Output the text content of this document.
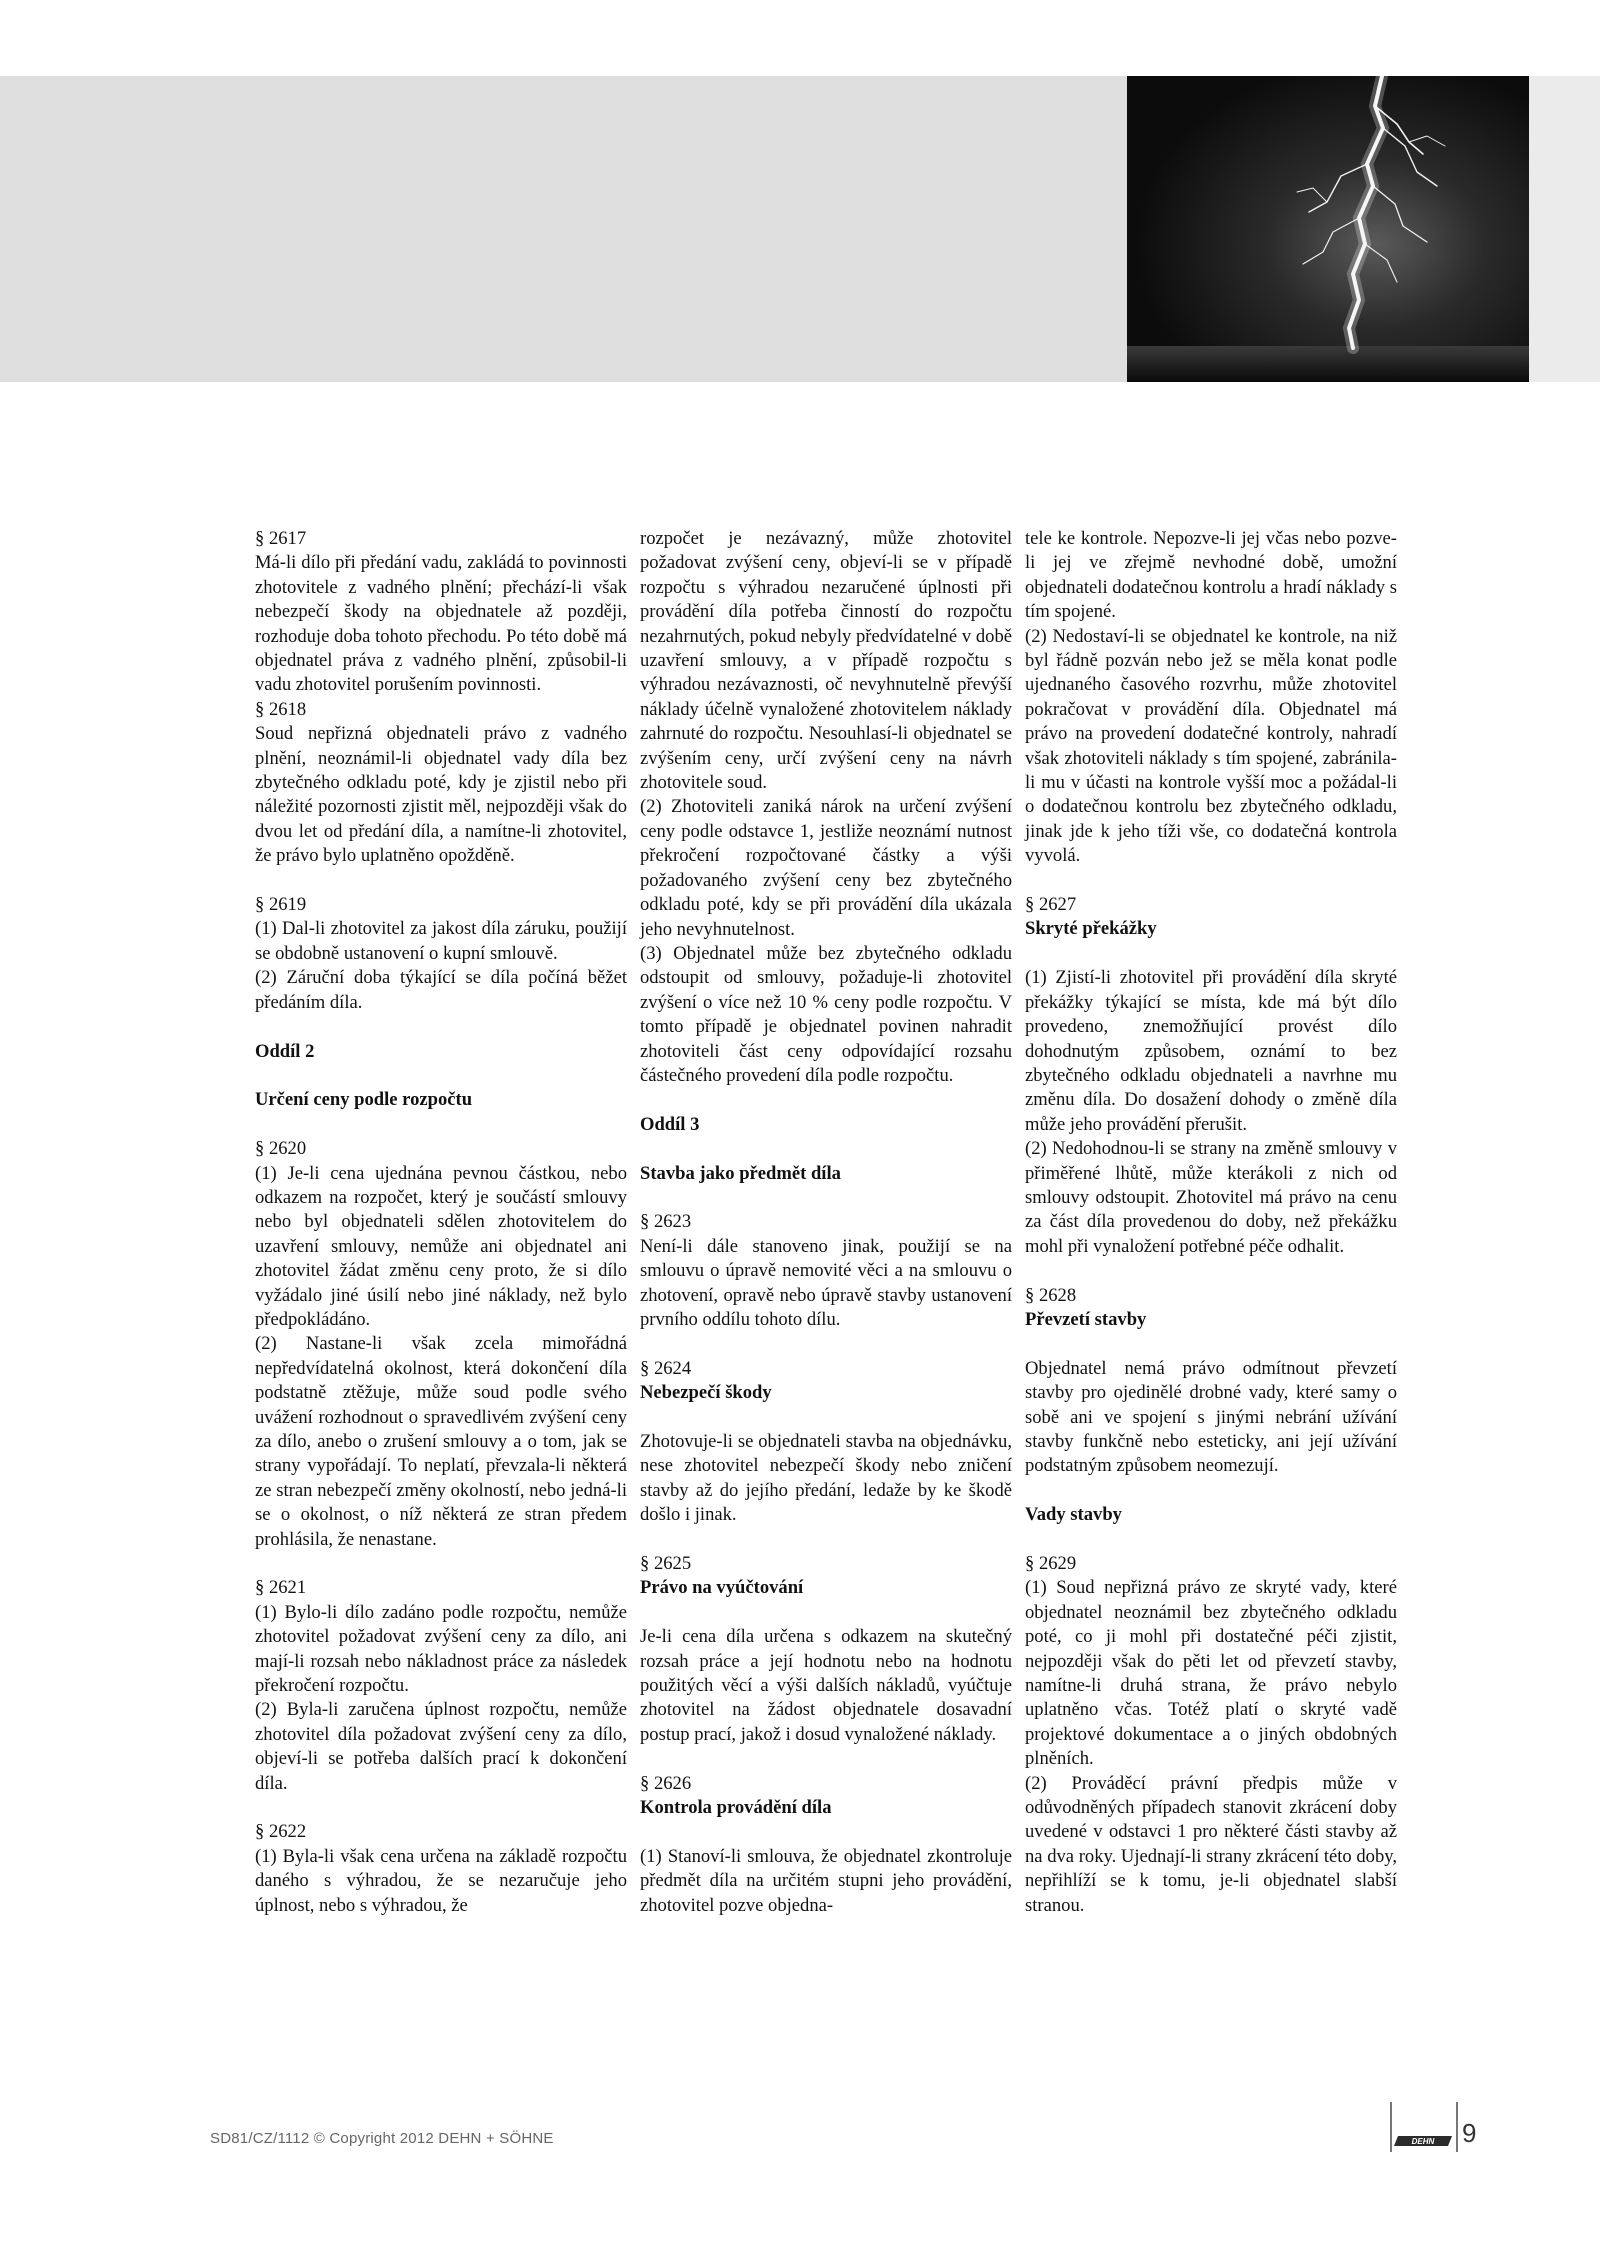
§ 2617

Má-li dílo při předání vadu, zakládá to povinnosti zhotovitele z vadného plnění; přechází-li však nebezpečí škody na objednatele až později, rozhoduje doba tohoto přechodu. Po této době má objednatel práva z vadného plnění, způsobil-li vadu zhotovitel porušením povinnosti.

§ 2618

Soud nepřizná objednateli právo z vadného plnění, neoznámil-li objednatel vady díla bez zbytečného odkladu poté, kdy je zjistil nebo při náležité pozornosti zjistit měl, nejpozději však do dvou let od předání díla, a namítne-li zhotovitel, že právo bylo uplatněno opožděně.

§ 2619

(1) Dal-li zhotovitel za jakost díla záruku, použijí se obdobně ustanovení o kupní smlouvě.

(2) Záruční doba týkající se díla počíná běžet předáním díla.

Oddíl 2

Určení ceny podle rozpočtu

§ 2620

(1) Je-li cena ujednána pevnou částkou, nebo odkazem na rozpočet, který je součástí smlouvy nebo byl objednateli sdělen zhotovitelem do uzavření smlouvy, nemůže ani objednatel ani zhotovitel žádat změnu ceny proto, že si dílo vyžádalo jiné úsilí nebo jiné náklady, než bylo předpokládáno.

(2) Nastane-li však zcela mimořádná nepředvídatelná okolnost, která dokončení díla podstatně ztěžuje, může soud podle svého uvážení rozhodnout o spravedlivém zvýšení ceny za dílo, anebo o zrušení smlouvy a o tom, jak se strany vypořádají. To neplatí, převzala-li některá ze stran nebezpečí změny okolností, nebo jedná-li se o okolnost, o níž některá ze stran předem prohlásila, že nenastane.

§ 2621

(1) Bylo-li dílo zadáno podle rozpočtu, nemůže zhotovitel požadovat zvýšení ceny za dílo, ani mají-li rozsah nebo nákladnost práce za následek překročení rozpočtu.

(2) Byla-li zaručena úplnost rozpočtu, nemůže zhotovitel díla požadovat zvýšení ceny za dílo, objeví-li se potřeba dalších prací k dokončení díla.

§ 2622

(1) Byla-li však cena určena na základě rozpočtu daného s výhradou, že se nezaručuje jeho úplnost, nebo s výhradou, že

rozpočet je nezávazný, může zhotovitel požadovat zvýšení ceny, objeví-li se v případě rozpočtu s výhradou nezaručené úplnosti při provádění díla potřeba činností do rozpočtu nezahrnutých, pokud nebyly předvídatelné v době uzavření smlouvy, a v případě rozpočtu s výhradou nezávaznosti, oč nevyhnutelně převýší náklady účelně vynaložené zhotovitelem náklady zahrnuté do rozpočtu. Nesouhlasí-li objednatel se zvýšením ceny, určí zvýšení ceny na návrh zhotovitele soud.

(2) Zhotoviteli zaniká nárok na určení zvýšení ceny podle odstavce 1, jestliže neoznámí nutnost překročení rozpočtované částky a výši požadovaného zvýšení ceny bez zbytečného odkladu poté, kdy se při provádění díla ukázala jeho nevyhnutelnost.

(3) Objednatel může bez zbytečného odkladu odstoupit od smlouvy, požaduje-li zhotovitel zvýšení o více než 10 % ceny podle rozpočtu. V tomto případě je objednatel povinen nahradit zhotoviteli část ceny odpovídající rozsahu částečného provedení díla podle rozpočtu.

Oddíl 3

Stavba jako předmět díla

§ 2623

Není-li dále stanoveno jinak, použijí se na smlouvu o úpravě nemovité věci a na smlouvu o zhotovení, opravě nebo úpravě stavby ustanovení prvního oddílu tohoto dílu.

§ 2624

Nebezpečí škody

Zhotovuje-li se objednateli stavba na objednávku, nese zhotovitel nebezpečí škody nebo zničení stavby až do jejího předání, ledaže by ke škodě došlo i jinak.

§ 2625

Právo na vyúčtování

Je-li cena díla určena s odkazem na skutečný rozsah práce a její hodnotu nebo na hodnotu použitých věcí a výši dalších nákladů, vyúčtuje zhotovitel na žádost objednatele dosavadní postup prací, jakož i dosud vynaložené náklady.

§ 2626

Kontrola provádění díla

(1) Stanoví-li smlouva, že objednatel zkontroluje předmět díla na určitém stupni jeho provádění, zhotovitel pozve objedna-

tele ke kontrole. Nepozve-li jej včas nebo pozve-li jej ve zřejmě nevhodné době, umožní objednateli dodatečnou kontrolu a hradí náklady s tím spojené.

(2) Nedostaví-li se objednatel ke kontrole, na niž byl řádně pozván nebo jež se měla konat podle ujednaného časového rozvrhu, může zhotovitel pokračovat v provádění díla. Objednatel má právo na provedení dodatečné kontroly, nahradí však zhotoviteli náklady s tím spojené, zabránila-li mu v účasti na kontrole vyšší moc a požádal-li o dodatečnou kontrolu bez zbytečného odkladu, jinak jde k jeho tíži vše, co dodatečná kontrola vyvolá.

§ 2627

Skryté překážky

(1) Zjistí-li zhotovitel při provádění díla skryté překážky týkající se místa, kde má být dílo provedeno, znemožňující provést dílo dohodnutým způsobem, oznámí to bez zbytečného odkladu objednateli a navrhne mu změnu díla. Do dosažení dohody o změně díla může jeho provádění přerušit.

(2) Nedohodnou-li se strany na změně smlouvy v přiměřené lhůtě, může kterákoli z nich od smlouvy odstoupit. Zhotovitel má právo na cenu za část díla provedenou do doby, než překážku mohl při vynaložení potřebné péče odhalit.

§ 2628

Převzetí stavby

Objednatel nemá právo odmítnout převzetí stavby pro ojedinělé drobné vady, které samy o sobě ani ve spojení s jinými nebrání užívání stavby funkčně nebo esteticky, ani její užívání podstatným způsobem neomezují.

Vady stavby

§ 2629

(1) Soud nepřizná právo ze skryté vady, které objednatel neoznámil bez zbytečného odkladu poté, co ji mohl při dostatečné péči zjistit, nejpozději však do pěti let od převzetí stavby, namítne-li druhá strana, že právo nebylo uplatněno včas. Totéž platí o skryté vadě projektové dokumentace a o jiných obdobných plněních.

(2) Prováděcí právní předpis může v odůvodněných případech stanovit zkrácení doby uvedené v odstavci 1 pro některé části stavby až na dva roky. Ujednají-li strany zkrácení této doby, nepřihlíží se k tomu, je-li objednatel slabší stranou.

SD81/CZ/1112 © Copyright 2012 DEHN + SÖHNE	DEHN 9
